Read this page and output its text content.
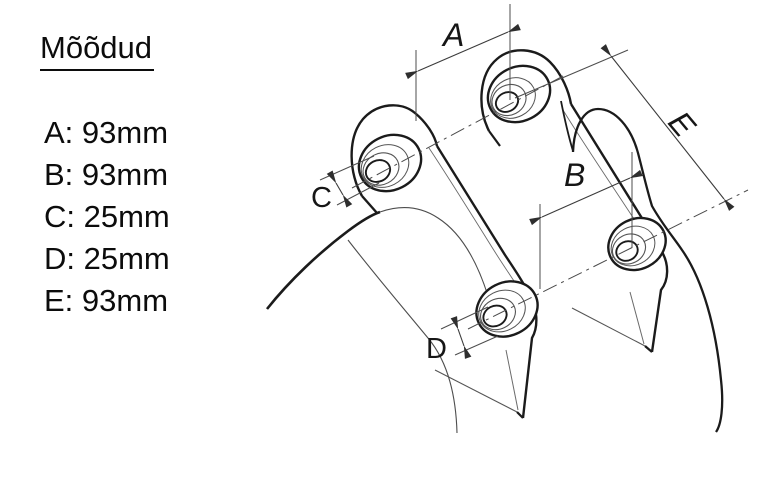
Mõõdud
A: 93mm
B: 93mm
C: 25mm
D: 25mm
E: 93mm
A
B
C
D
E
